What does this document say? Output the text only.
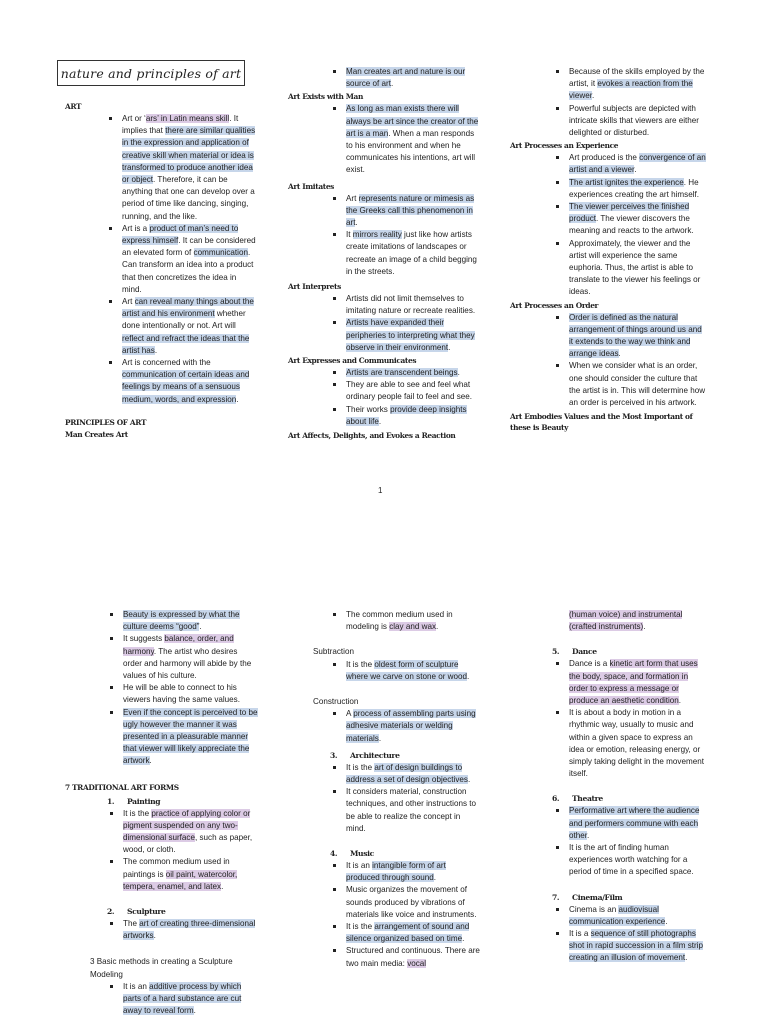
nature and principles of art
ART
Art or ‘ars’ in Latin means skill. It implies that there are similar qualities in the expression and application of creative skill when material or idea is transformed to produce another idea or object. Therefore, it can be anything that one can develop over a period of time like dancing, singing, running, and the like.
Art is a product of man’s need to express himself. It can be considered an elevated form of communication. Can transform an idea into a product that then concretizes the idea in mind.
Art can reveal many things about the artist and his environment whether done intentionally or not. Art will reflect and refract the ideas that the artist has.
Art is concerned with the communication of certain ideas and feelings by means of a sensuous medium, words, and expression.
PRINCIPLES OF ART
Man Creates Art
Man creates art and nature is our source of art.
Art Exists with Man
As long as man exists there will always be art since the creator of the art is a man. When a man responds to his environment and when he communicates his intentions, art will exist.
Art Imitates
Art represents nature or mimesis as the Greeks call this phenomenon in art.
It mirrors reality just like how artists create imitations of landscapes or recreate an image of a child begging in the streets.
Art Interprets
Artists did not limit themselves to imitating nature or recreate realities.
Artists have expanded their peripheries to interpreting what they observe in their environment.
Art Expresses and Communicates
Artists are transcendent beings.
They are able to see and feel what ordinary people fail to feel and see.
Their works provide deep insights about life.
Art Affects, Delights, and Evokes a Reaction
Because of the skills employed by the artist, it evokes a reaction from the viewer.
Powerful subjects are depicted with intricate skills that viewers are either delighted or disturbed.
Art Processes an Experience
Art produced is the convergence of an artist and a viewer.
The artist ignites the experience. He experiences creating the art himself.
The viewer perceives the finished product. The viewer discovers the meaning and reacts to the artwork.
Approximately, the viewer and the artist will experience the same euphoria. Thus, the artist is able to translate to the viewer his feelings or ideas.
Art Processes an Order
Order is defined as the natural arrangement of things around us and it extends to the way we think and arrange ideas.
When we consider what is an order, one should consider the culture that the artist is in. This will determine how an order is perceived in his artwork.
Art Embodies Values and the Most Important of these is Beauty
1
Beauty is expressed by what the culture deems “good”.
It suggests balance, order, and harmony. The artist who desires order and harmony will abide by the values of his culture.
He will be able to connect to his viewers having the same values.
Even if the concept is perceived to be ugly however the manner it was presented in a pleasurable manner that viewer will likely appreciate the artwork.
7 TRADITIONAL ART FORMS
1. Painting
It is the practice of applying color or pigment suspended on any two-dimensional surface, such as paper, wood, or cloth.
The common medium used in paintings is oil paint, watercolor, tempera, enamel, and latex.
2. Sculpture
The art of creating three-dimensional artworks.
3 Basic methods in creating a Sculpture
Modeling
It is an additive process by which parts of a hard substance are cut away to reveal form.
The common medium used in modeling is clay and wax.
Subtraction
It is the oldest form of sculpture where we carve on stone or wood.
Construction
A process of assembling parts using adhesive materials or welding materials.
3. Architecture
It is the art of design buildings to address a set of design objectives.
It considers material, construction techniques, and other instructions to be able to realize the concept in mind.
4. Music
It is an intangible form of art produced through sound.
Music organizes the movement of sounds produced by vibrations of materials like voice and instruments.
It is the arrangement of sound and silence organized based on time.
Structured and continuous. There are two main media: vocal
(human voice) and instrumental (crafted instruments).
5. Dance
Dance is a kinetic art form that uses the body, space, and formation in order to express a message or produce an aesthetic condition.
It is about a body in motion in a rhythmic way, usually to music and within a given space to express an idea or emotion, releasing energy, or simply taking delight in the movement itself.
6. Theatre
Performative art where the audience and performers commune with each other.
It is the art of finding human experiences worth watching for a period of time in a specified space.
7. Cinema/Film
Cinema is an audiovisual communication experience.
It is a sequence of still photographs shot in rapid succession in a film strip creating an illusion of movement.
